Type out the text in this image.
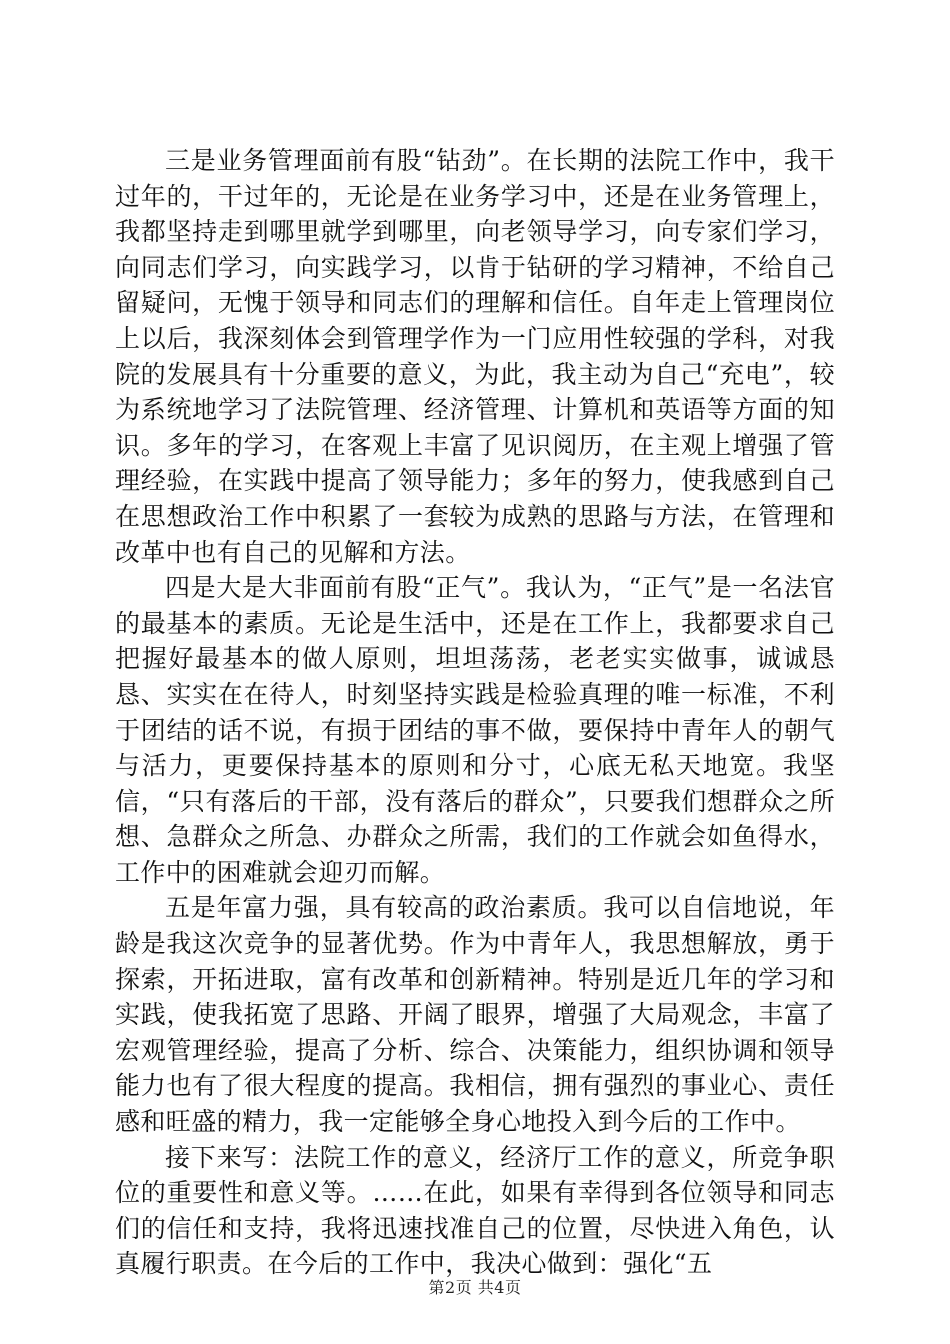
三是业务管理面前有股“钻劲”。在长期的法院工作中，我干过年的，干过年的，无论是在业务学习中，还是在业务管理上，我都坚持走到哪里就学到哪里，向老领导学习，向专家们学习，向同志们学习，向实践学习，以肯于钻研的学习精神，不给自己留疑问，无愧于领导和同志们的理解和信任。自年走上管理岗位上以后，我深刻体会到管理学作为一门应用性较强的学科，对我院的发展具有十分重要的意义，为此，我主动为自己“充电”，较为系统地学习了法院管理、经济管理、计算机和英语等方面的知识。多年的学习，在客观上丰富了见识阅历，在主观上增强了管理经验，在实践中提高了领导能力；多年的努力，使我感到自己在思想政治工作中积累了一套较为成熟的思路与方法，在管理和改革中也有自己的见解和方法。

四是大是大非面前有股“正气”。我认为，“正气”是一名法官的最基本的素质。无论是生活中，还是在工作上，我都要求自己把握好最基本的做人原则，坦坦荡荡，老老实实做事，诚诚恳恳、实实在在待人，时刻坚持实践是检验真理的唯一标准，不利于团结的话不说，有损于团结的事不做，要保持中青年人的朝气与活力，更要保持基本的原则和分寸，心底无私天地宽。我坚信，“只有落后的干部，没有落后的群众”，只要我们想群众之所想、急群众之所急、办群众之所需，我们的工作就会如鱼得水，工作中的困难就会迎刃而解。

五是年富力强，具有较高的政治素质。我可以自信地说，年龄是我这次竞争的显著优势。作为中青年人，我思想解放，勇于探索，开拓进取，富有改革和创新精神。特别是近几年的学习和实践，使我拓宽了思路、开阔了眼界，增强了大局观念，丰富了宏观管理经验，提高了分析、综合、决策能力，组织协调和领导能力也有了很大程度的提高。我相信，拥有强烈的事业心、责任感和旺盛的精力，我一定能够全身心地投入到今后的工作中。

接下来写：法院工作的意义，经济厅工作的意义，所竞争职位的重要性和意义等。……在此，如果有幸得到各位领导和同志们的信任和支持，我将迅速找准自己的位置，尽快进入角色，认真履行职责。在今后的工作中，我决心做到：强化“五

第2页 共4页
